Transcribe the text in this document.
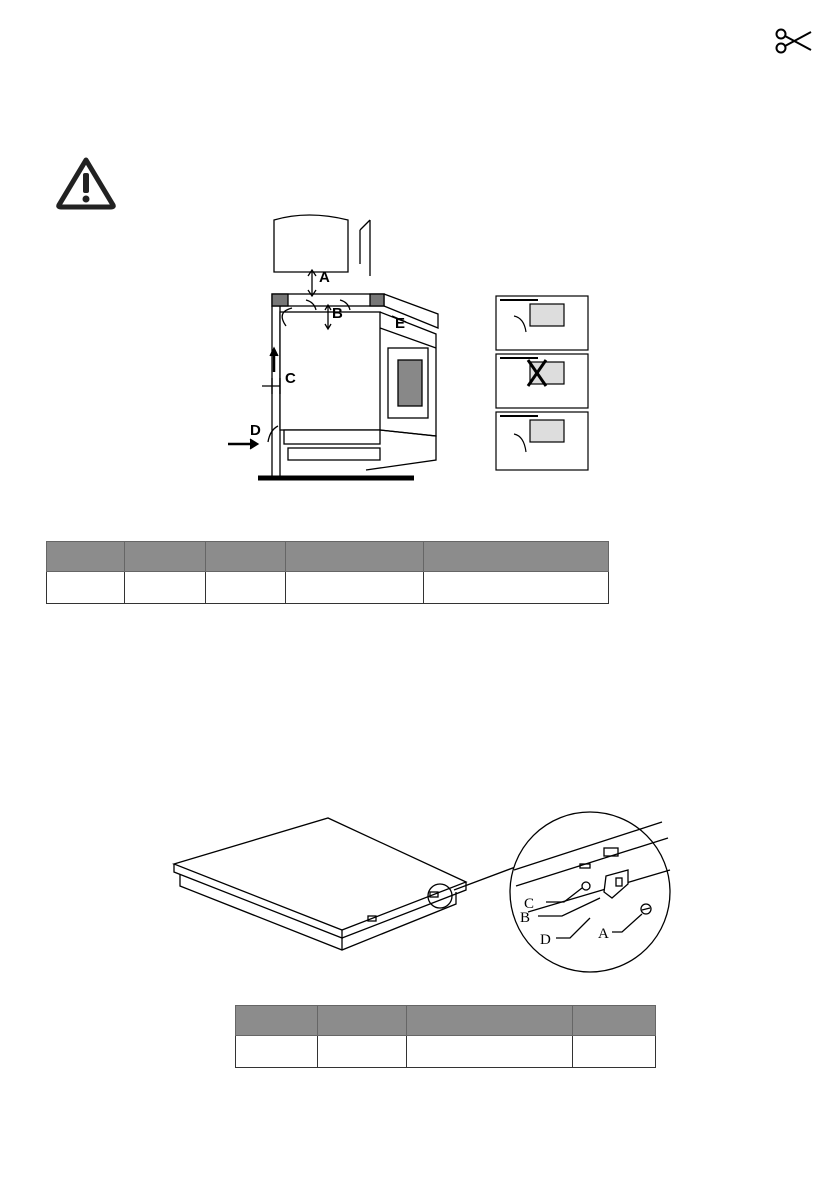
A
B
C
D
E

C
B
D	A
